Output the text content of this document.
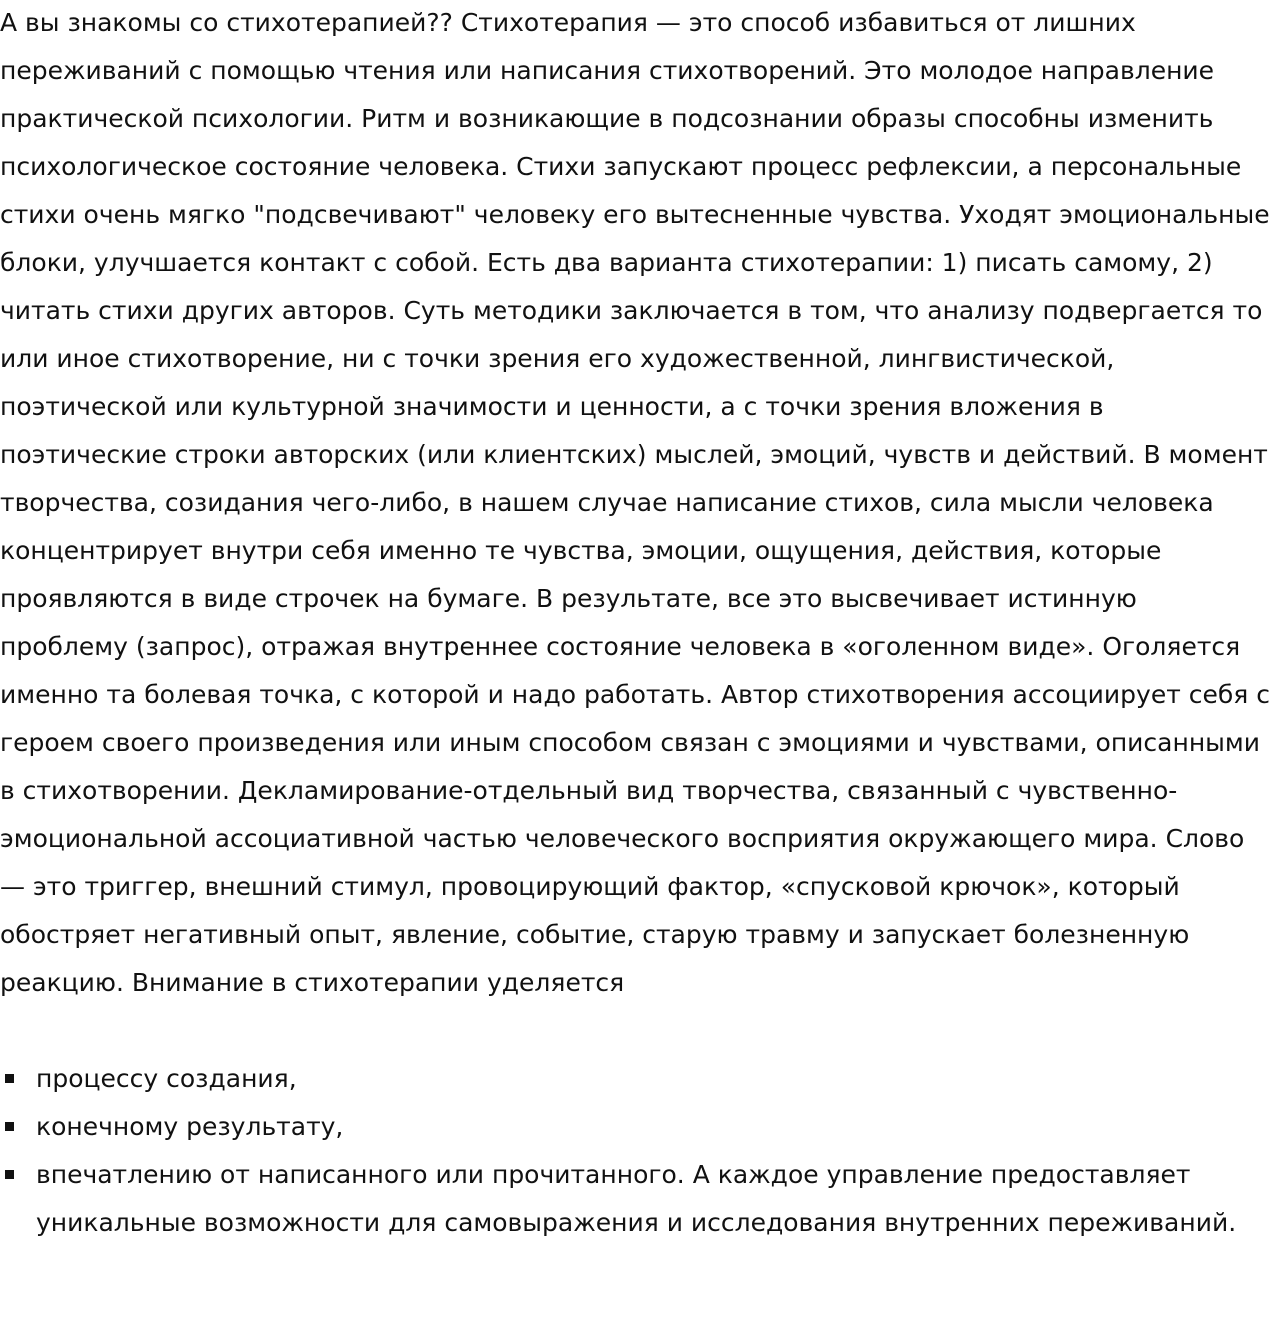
А вы знакомы со стихотерапией?? Стихотерапия — это способ избавиться от лишних переживаний с помощью чтения или написания стихотворений. Это молодое направление практической психологии. Ритм и возникающие в подсознании образы способны изменить психологическое состояние человека. Стихи запускают процесс рефлексии, а персональные стихи очень мягко "подсвечивают" человеку его вытесненные чувства. Уходят эмоциональные блоки, улучшается контакт с собой. Есть два варианта стихотерапии: 1) писать самому, 2) читать стихи других авторов. Суть методики заключается в том, что анализу подвергается то или иное стихотворение, ни с точки зрения его художественной, лингвистической, поэтической или культурной значимости и ценности, а с точки зрения вложения в поэтические строки авторских (или клиентских) мыслей, эмоций, чувств и действий. В момент творчества, созидания чего-либо, в нашем случае написание стихов, сила мысли человека концентрирует внутри себя именно те чувства, эмоции, ощущения, действия, которые проявляются в виде строчек на бумаге. В результате, все это высвечивает истинную проблему (запрос), отражая внутреннее состояние человека в «оголенном виде». Оголяется именно та болевая точка, с которой и надо работать. Автор стихотворения ассоциирует себя с героем своего произведения или иным способом связан с эмоциями и чувствами, описанными в стихотворении. Декламирование-отдельный вид творчества, связанный с чувственно-эмоциональной ассоциативной частью человеческого восприятия окружающего мира. Слово — это триггер, внешний стимул, провоцирующий фактор, «спусковой крючок», который обостряет негативный опыт, явление, событие, старую травму и запускает болезненную реакцию. Внимание в стихотерапии уделяется

процессу создания,
конечному результату,
впечатлению от написанного или прочитанного. А каждое управление предоставляет уникальные возможности для самовыражения и исследования внутренних переживаний.
